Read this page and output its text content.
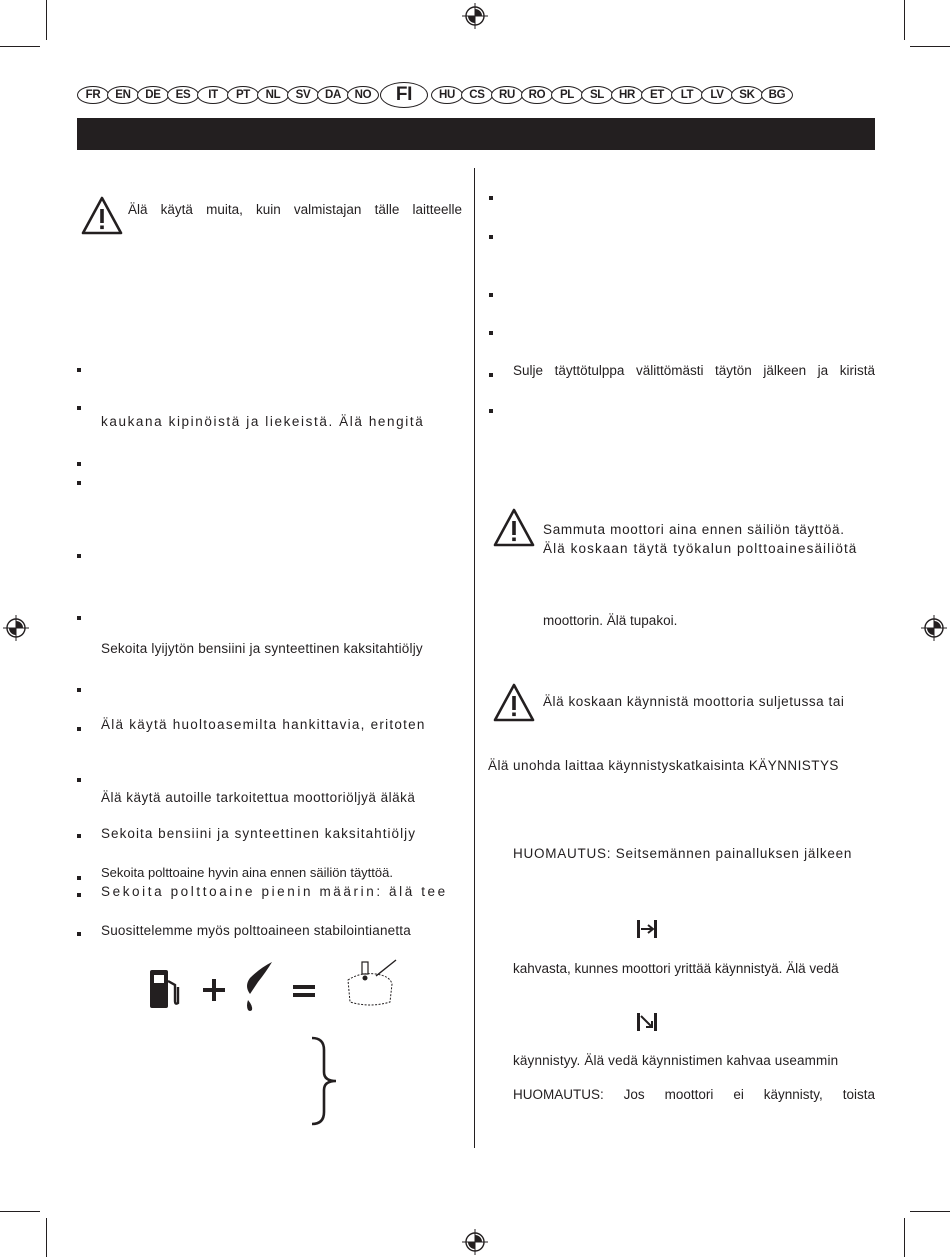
FR	EN	DE	ES	IT	PT	NL	SV	DA	NO	FI	HU	CS	RU	RO	PL	SL	HR	ET	LT	LV	SK	BG
Älä käytä muita, kuin valmistajan tälle laitteelle
kaukana kipinöistä ja liekeistä. Älä hengitä
Sekoita lyijytön bensiini ja synteettinen kaksitahtiöljy
Älä käytä huoltoasemilta hankittavia, eritoten
Älä käytä autoille tarkoitettua moottoriöljyä äläkä
Sekoita bensiini ja synteettinen kaksitahtiöljy
Sekoita polttoaine hyvin aina ennen säiliön täyttöä.
Sekoita polttoaine pienin määrin: älä tee
Suosittelemme myös polttoaineen stabilointianetta
Sulje täyttötulppa välittömästi täytön jälkeen ja kiristä
Sammuta moottori aina ennen säiliön täyttöä.
Älä koskaan täytä työkalun polttoainesäiliötä
moottorin. Älä tupakoi.
Älä koskaan käynnistä moottoria suljetussa tai
Älä unohda laittaa käynnistyskatkaisinta KÄYNNISTYS
HUOMAUTUS: Seitsemännen painalluksen jälkeen
kahvasta, kunnes moottori yrittää käynnistyä. Älä vedä
käynnistyy. Älä vedä käynnistimen kahvaa useammin
HUOMAUTUS: Jos moottori ei käynnisty, toista
